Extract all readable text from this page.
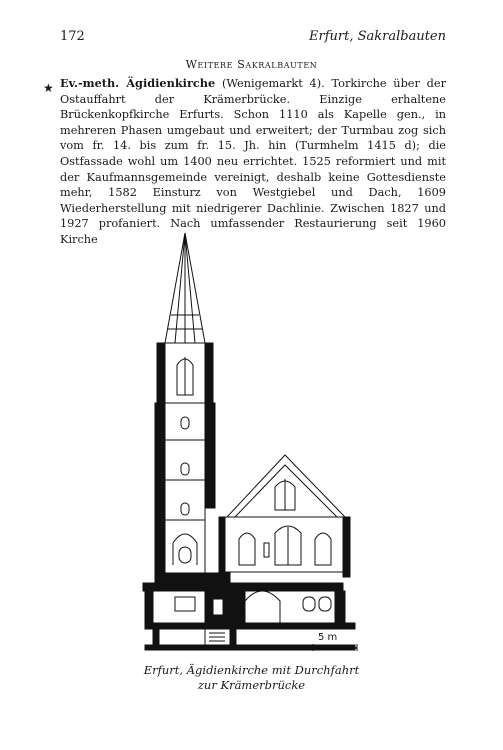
172	Erfurt, Sakralbauten
Weitere Sakralbauten
★ Ev.-meth. Ägidienkirche (Wenigemarkt 4). Torkirche über der Ostauffahrt der Krämerbrücke. Einzige erhaltene Brückenkopfkirche Erfurts. Schon 1110 als Kapelle gen., in mehreren Phasen umgebaut und erweitert; der Turmbau zog sich vom fr. 14. bis zum fr. 15. Jh. hin (Turmhelm 1415 d); die Ostfassade wohl um 1400 neu errichtet. 1525 reformiert und mit der Kaufmannsgemeinde vereinigt, deshalb keine Gottesdienste mehr, 1582 Einsturz von Westgiebel und Dach, 1609 Wiederherstellung mit niedrigerer Dachlinie. Zwischen 1827 und 1927 profaniert. Nach umfassender Restaurierung seit 1960 Kirche
5 m
Erfurt, Ägidienkirche mit Durchfahrt
zur Krämerbrücke
